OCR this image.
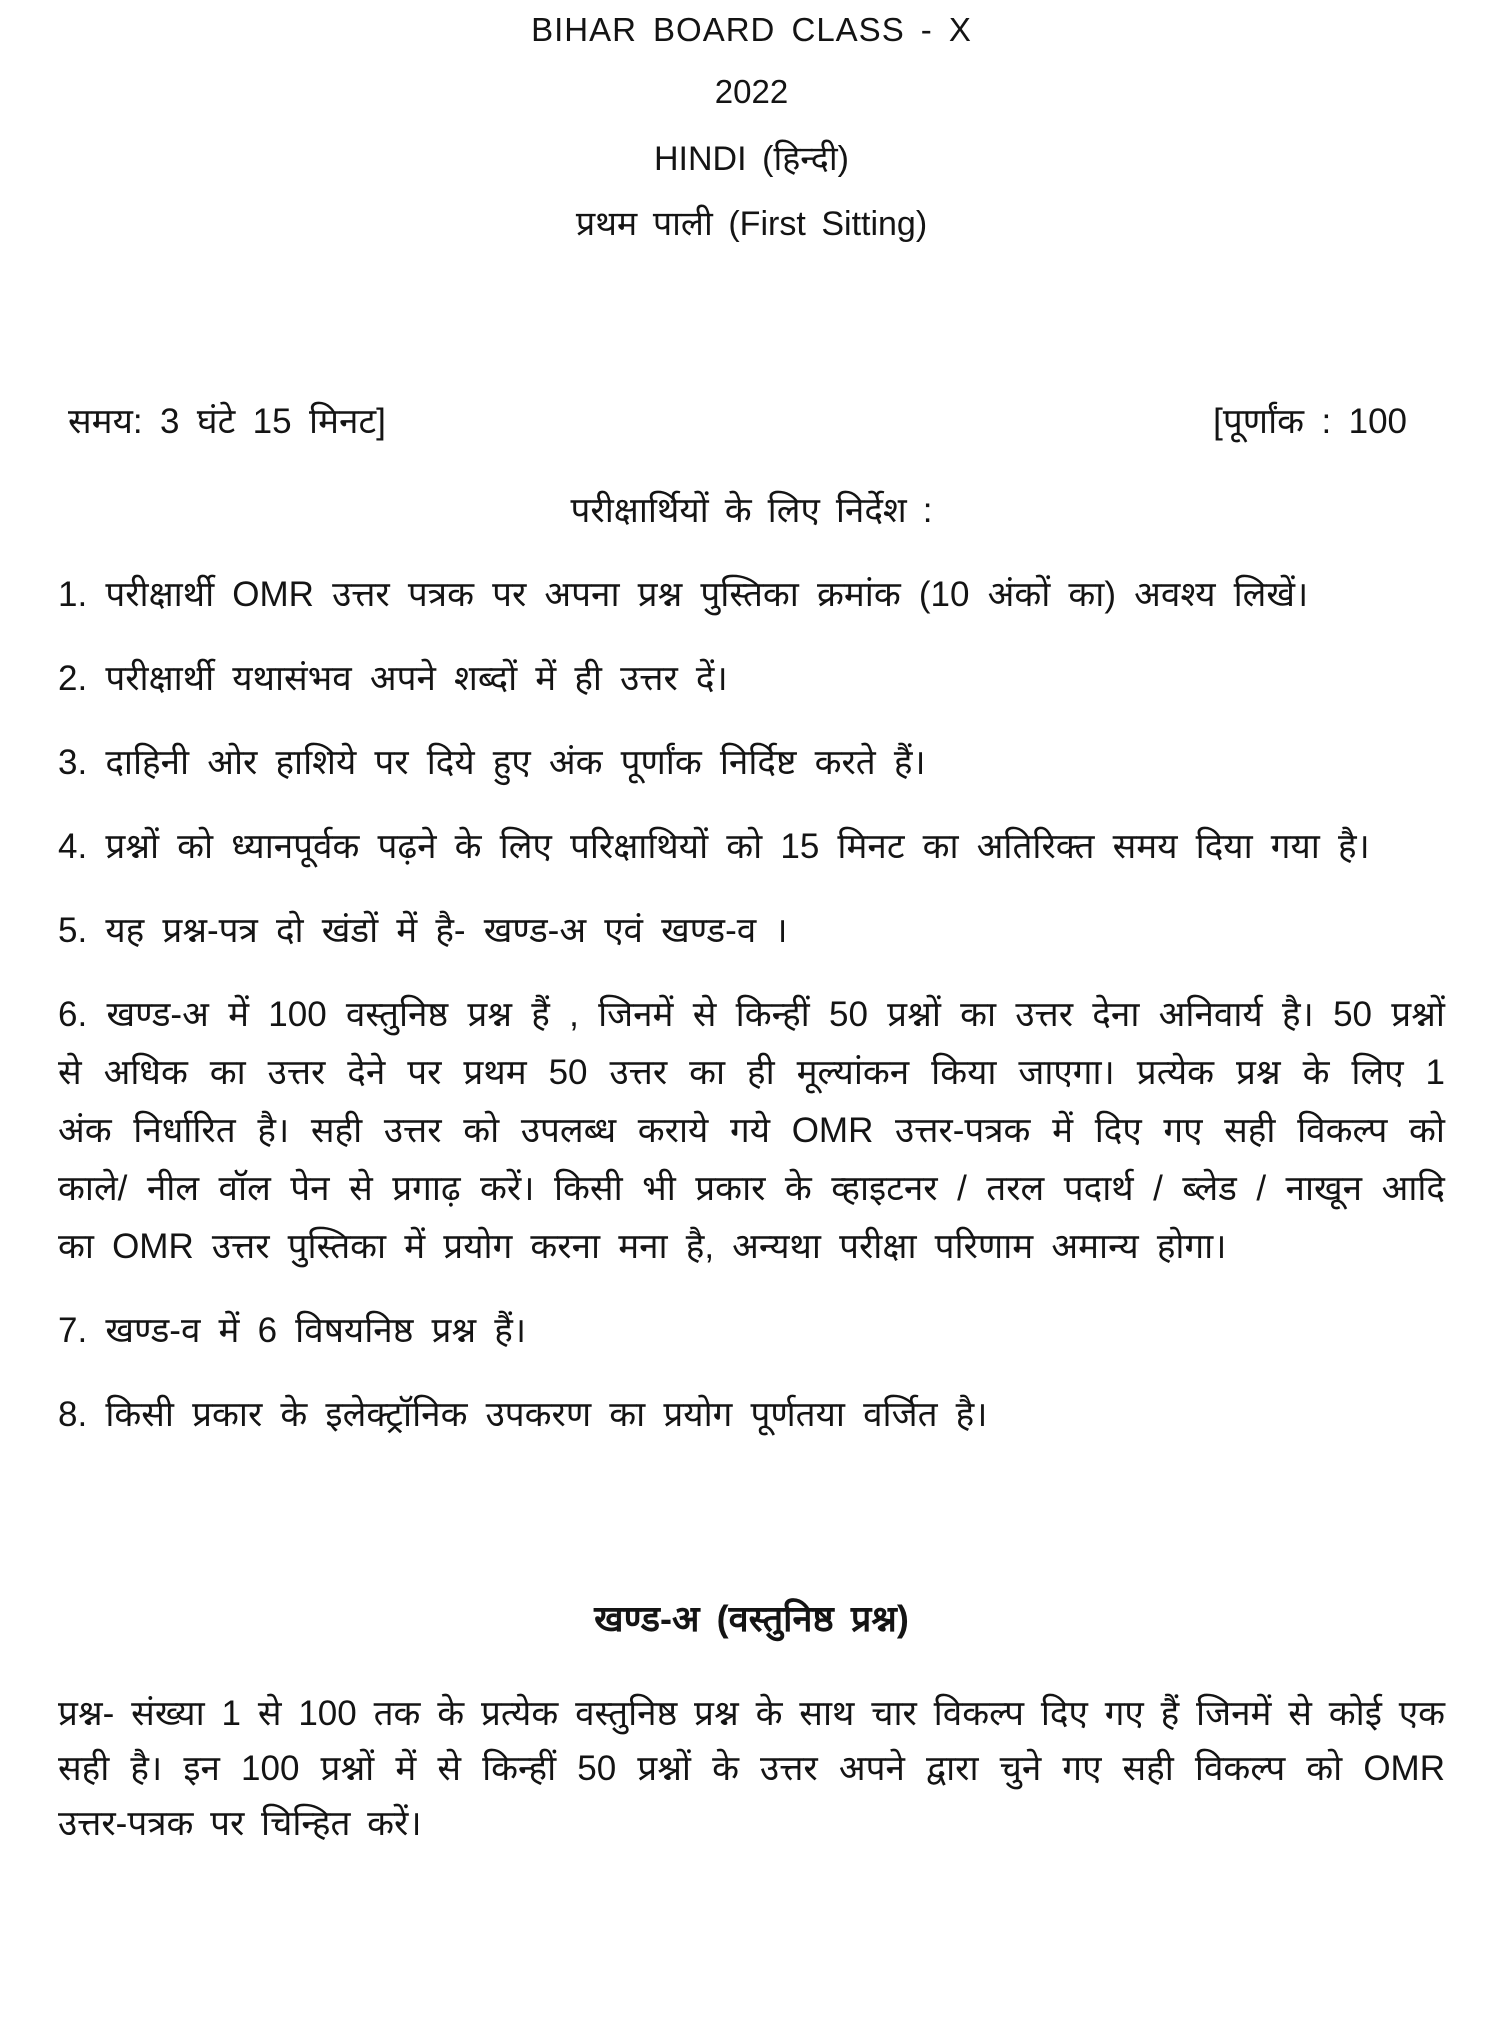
BIHAR BOARD CLASS - X
2022
HINDI (हिन्दी)
प्रथम पाली (First Sitting)
समय: 3 घंटे 15 मिनट]	[पूर्णांक : 100
परीक्षार्थियों के लिए निर्देश :

1. परीक्षार्थी OMR उत्तर पत्रक पर अपना प्रश्न पुस्तिका क्रमांक (10 अंकों का) अवश्य लिखें।

2. परीक्षार्थी यथासंभव अपने शब्दों में ही उत्तर दें।

3. दाहिनी ओर हाशिये पर दिये हुए अंक पूर्णांक निर्दिष्ट करते हैं।

4. प्रश्नों को ध्यानपूर्वक पढ़ने के लिए परिक्षाथियों को 15 मिनट का अतिरिक्त समय दिया गया है।

5. यह प्रश्न-पत्र दो खंडों में है- खण्ड-अ एवं खण्ड-व ।

6. खण्ड-अ में 100 वस्तुनिष्ठ प्रश्न हैं , जिनमें से किन्हीं 50 प्रश्नों का उत्तर देना अनिवार्य है। 50 प्रश्नों से अधिक का उत्तर देने पर प्रथम 50 उत्तर का ही मूल्यांकन किया जाएगा। प्रत्येक प्रश्न के लिए 1 अंक निर्धारित है। सही उत्तर को उपलब्ध कराये गये OMR उत्तर-पत्रक में दिए गए सही विकल्प को काले/ नील वॉल पेन से प्रगाढ़ करें। किसी भी प्रकार के व्हाइटनर / तरल पदार्थ / ब्लेड / नाखून आदि का OMR उत्तर पुस्तिका में प्रयोग करना मना है, अन्यथा परीक्षा परिणाम अमान्य होगा।

7. खण्ड-व में 6 विषयनिष्ठ प्रश्न हैं।

8. किसी प्रकार के इलेक्ट्रॉनिक उपकरण का प्रयोग पूर्णतया वर्जित है।

खण्ड-अ (वस्तुनिष्ठ प्रश्न)

प्रश्न- संख्या 1 से 100 तक के प्रत्येक वस्तुनिष्ठ प्रश्न के साथ चार विकल्प दिए गए हैं जिनमें से कोई एक सही है। इन 100 प्रश्नों में से किन्हीं 50 प्रश्नों के उत्तर अपने द्वारा चुने गए सही विकल्प को OMR उत्तर-पत्रक पर चिन्हित करें।
